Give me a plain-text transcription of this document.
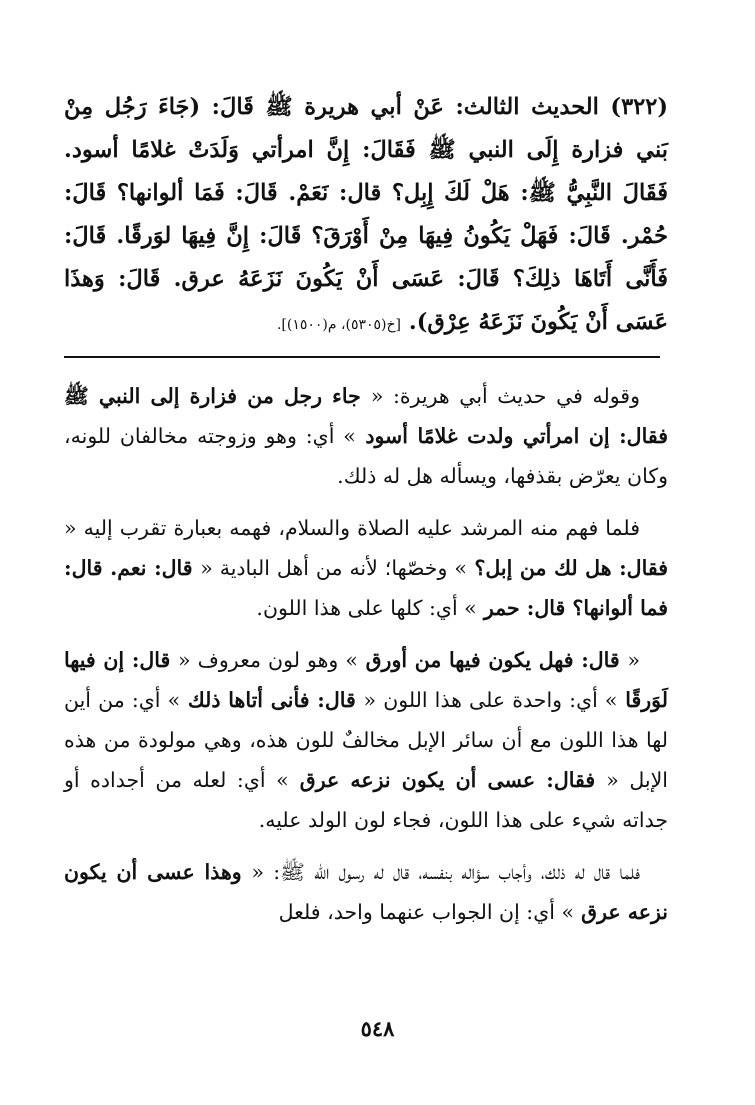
(٣٢٢) الحديث الثالث: عَنْ أبي هريرة ﷺ قَالَ: (جَاءَ رَجُل مِنْ بَني فزارة إِلَى النبي ﷺ فَقَالَ: إِنَّ امرأتي وَلَدَتْ غلامًا أسود. فَقَالَ النَّبِيُّ ﷺ: هَلْ لَكَ إِبِل؟ قال: نَعَمْ. قَالَ: فَمَا ألوانها؟ قَالَ: حُمْر. قَالَ: فَهَلْ يَكُونُ فِيهَا مِنْ أَوْرَقَ؟ قَالَ: إِنَّ فِيهَا لوَرقًا. قَالَ: فَأَنَّى أَتَاهَا ذلِكَ؟ قَالَ: عَسَى أَنْ يَكُونَ نَزَعَهُ عرق. قَالَ: وَهذَا عَسَى أَنْ يَكُونَ نَزَعَهُ عِرْق). [خ(٥٣٠٥)، م(١٥٠٠)].

وقوله في حديث أبي هريرة: « جاء رجل من فزارة إلى النبي ﷺ فقال: إن امرأتي ولدت غلامًا أسود » أي: وهو وزوجته مخالفان للونه، وكان يعرّض بقذفها، ويسأله هل له ذلك.

فلما فهم منه المرشد عليه الصلاة والسلام، فهمه بعبارة تقرب إليه « فقال: هل لك من إبل؟ » وخصّها؛ لأنه من أهل البادية « قال: نعم. قال: فما ألوانها؟ قال: حمر » أي: كلها على هذا اللون.

« قال: فهل يكون فيها من أورق » وهو لون معروف « قال: إن فيها لَوَرقًا » أي: واحدة على هذا اللون « قال: فأنى أتاها ذلك » أي: من أين لها هذا اللون مع أن سائر الإبل مخالفٌ للون هذه، وهي مولودة من هذه الإبل « فقال: عسى أن يكون نزعه عرق » أي: لعله من أجداده أو جداته شيء على هذا اللون، فجاء لون الولد عليه.

فلما قال له ذلك، وأجاب سؤاله بنفسه، قال له رسول الله ﷺ: « وهذا عسى أن يكون نزعه عرق » أي: إن الجواب عنهما واحد، فلعل

٥٤٨
